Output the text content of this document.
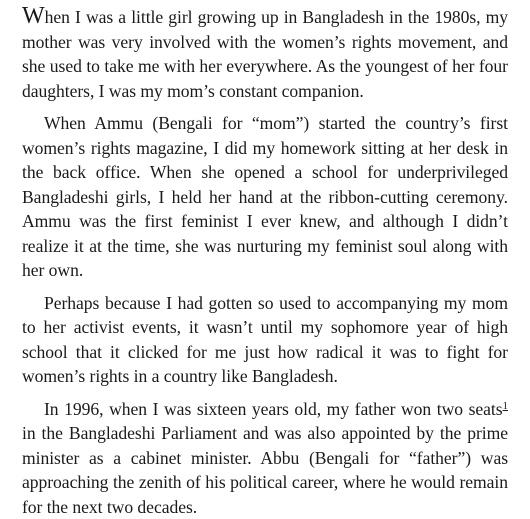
When I was a little girl growing up in Bangladesh in the 1980s, my mother was very involved with the women’s rights movement, and she used to take me with her everywhere. As the youngest of her four daughters, I was my mom’s constant companion.

When Ammu (Bengali for “mom”) started the country’s first women’s rights magazine, I did my homework sitting at her desk in the back office. When she opened a school for underprivileged Bangladeshi girls, I held her hand at the ribbon-cutting ceremony. Ammu was the first feminist I ever knew, and although I didn’t realize it at the time, she was nurturing my feminist soul along with her own.

Perhaps because I had gotten so used to accompanying my mom to her activist events, it wasn’t until my sophomore year of high school that it clicked for me just how radical it was to fight for women’s rights in a country like Bangladesh.

In 1996, when I was sixteen years old, my father won two seats$^1$ in the Bangladeshi Parliament and was also appointed by the prime minister as a cabinet minister. Abbu (Bengali for “father”) was approaching the zenith of his political career, where he would remain for the next two decades.
